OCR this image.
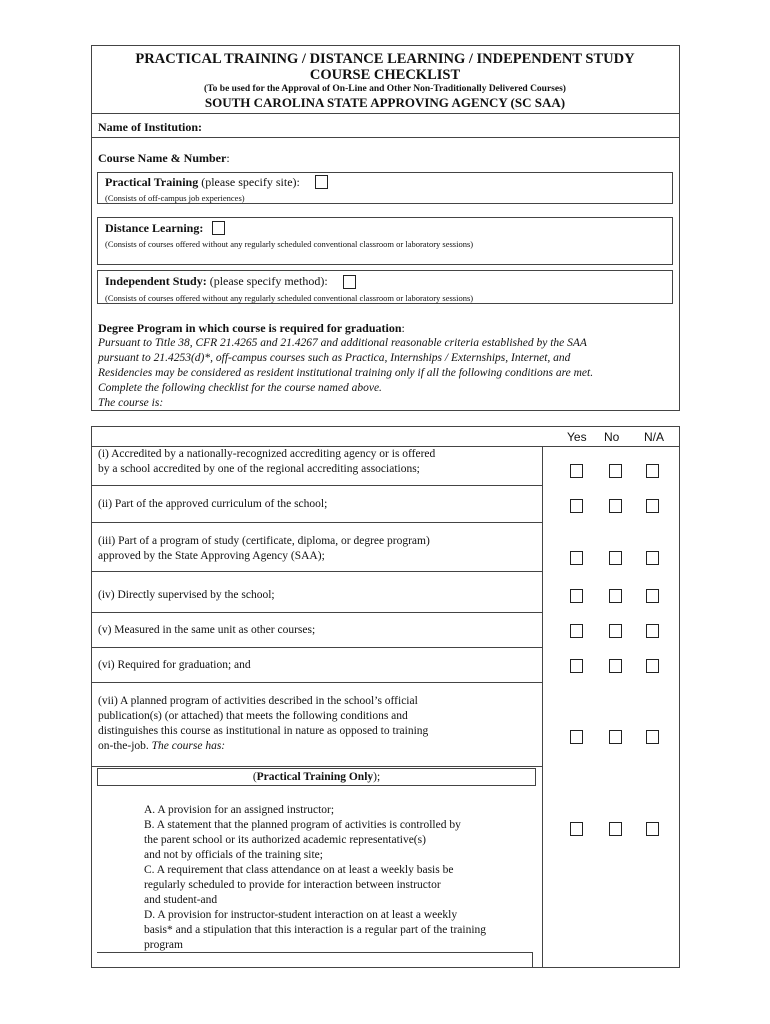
PRACTICAL TRAINING / DISTANCE LEARNING / INDEPENDENT STUDY
COURSE CHECKLIST
(To be used for the Approval of On-Line and Other Non-Traditionally Delivered Courses)
SOUTH CAROLINA STATE APPROVING AGENCY (SC SAA)
Name of Institution:
Course Name & Number:
Practical Training (please specify site):
(Consists of off-campus job experiences)
Distance Learning:
(Consists of courses offered without any regularly scheduled conventional classroom or laboratory sessions)
Independent Study: (please specify method):
(Consists of courses offered without any regularly scheduled conventional classroom or laboratory sessions)
Degree Program in which course is required for graduation:
Pursuant to Title 38, CFR 21.4265 and 21.4267 and additional reasonable criteria established by the SAA
pursuant to 21.4253(d)*, off-campus courses such as Practica, Internships / Externships, Internet, and
Residencies may be considered as resident institutional training only if all the following conditions are met.
Complete the following checklist for the course named above.
The course is:
Yes No N/A
(i) Accredited by a nationally-recognized accrediting agency or is offered
by a school accredited by one of the regional accrediting associations;
(ii) Part of the approved curriculum of the school;
(iii) Part of a program of study (certificate, diploma, or degree program)
approved by the State Approving Agency (SAA);
(iv) Directly supervised by the school;
(v) Measured in the same unit as other courses;
(vi) Required for graduation; and
(vii) A planned program of activities described in the school’s official
publication(s) (or attached) that meets the following conditions and
distinguishes this course as institutional in nature as opposed to training
on-the-job. The course has:
(Practical Training Only);
A. A provision for an assigned instructor;
B. A statement that the planned program of activities is controlled by
the parent school or its authorized academic representative(s)
and not by officials of the training site;
C. A requirement that class attendance on at least a weekly basis be
regularly scheduled to provide for interaction between instructor
and student-and
D. A provision for instructor-student interaction on at least a weekly
basis* and a stipulation that this interaction is a regular part of the training
program
